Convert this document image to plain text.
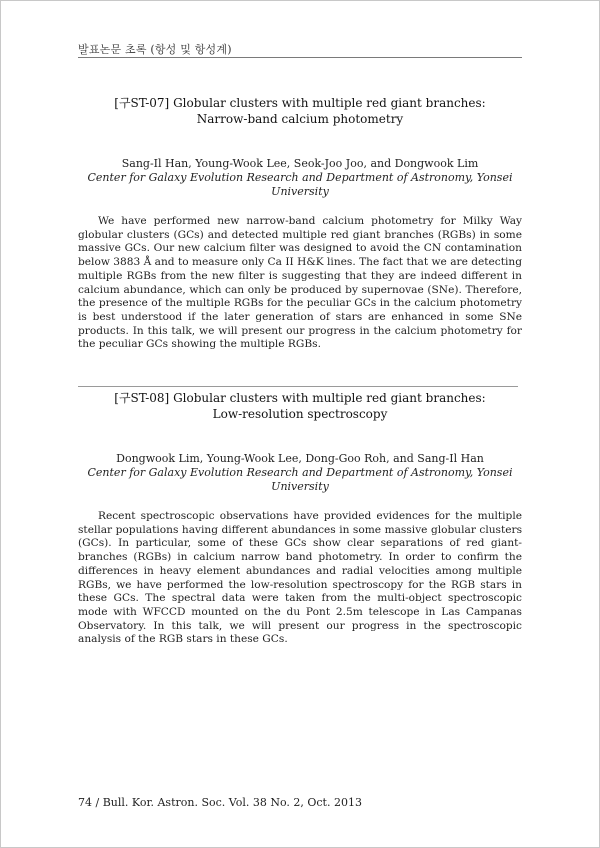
발표논문 초록 (항성 및 항성계)
[구ST-07] Globular clusters with multiple red giant branches:
Narrow-band calcium photometry
Sang-Il Han, Young-Wook Lee, Seok-Joo Joo, and Dongwook Lim
Center for Galaxy Evolution Research and Department of Astronomy, Yonsei
University

We have performed new narrow-band calcium photometry for Milky Way globular clusters (GCs) and detected multiple red giant branches (RGBs) in some massive GCs. Our new calcium filter was designed to avoid the CN contamination below 3883 Å and to measure only Ca II H&K lines. The fact that we are detecting multiple RGBs from the new filter is suggesting that they are indeed different in calcium abundance, which can only be produced by supernovae (SNe). Therefore, the presence of the multiple RGBs for the peculiar GCs in the calcium photometry is best understood if the later generation of stars are enhanced in some SNe products. In this talk, we will present our progress in the calcium photometry for the peculiar GCs showing the multiple RGBs.

[구ST-08] Globular clusters with multiple red giant branches:
Low-resolution spectroscopy
Dongwook Lim, Young-Wook Lee, Dong-Goo Roh, and Sang-Il Han
Center for Galaxy Evolution Research and Department of Astronomy, Yonsei
University

Recent spectroscopic observations have provided evidences for the multiple stellar populations having different abundances in some massive globular clusters (GCs). In particular, some of these GCs show clear separations of red giant-branches (RGBs) in calcium narrow band photometry. In order to confirm the differences in heavy element abundances and radial velocities among multiple RGBs, we have performed the low-resolution spectroscopy for the RGB stars in these GCs. The spectral data were taken from the multi-object spectroscopic mode with WFCCD mounted on the du Pont 2.5m telescope in Las Campanas Observatory. In this talk, we will present our progress in the spectroscopic analysis of the RGB stars in these GCs.

74 / Bull. Kor. Astron. Soc. Vol. 38 No. 2, Oct. 2013
